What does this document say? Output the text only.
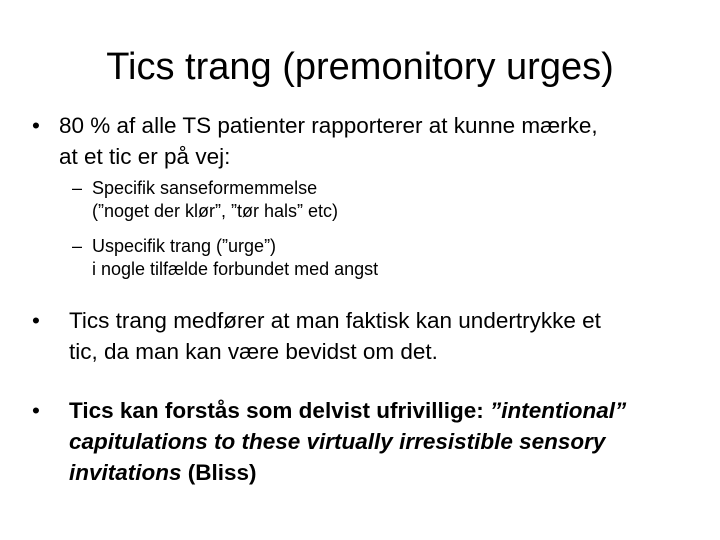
Tics trang (premonitory urges)
• 80 % af alle TS patienter rapporterer at kunne mærke,
at et tic er på vej:
– Specifik sanseformemmelse
(”noget der klør”, ”tør hals” etc)
– Uspecifik trang (”urge”)
i nogle tilfælde forbundet med angst
• Tics trang medfører at man faktisk kan undertrykke et
tic, da man kan være bevidst om det.
• Tics kan forstås som delvist ufrivillige: ”intentional”
capitulations to these virtually irresistible sensory
invitations (Bliss)
